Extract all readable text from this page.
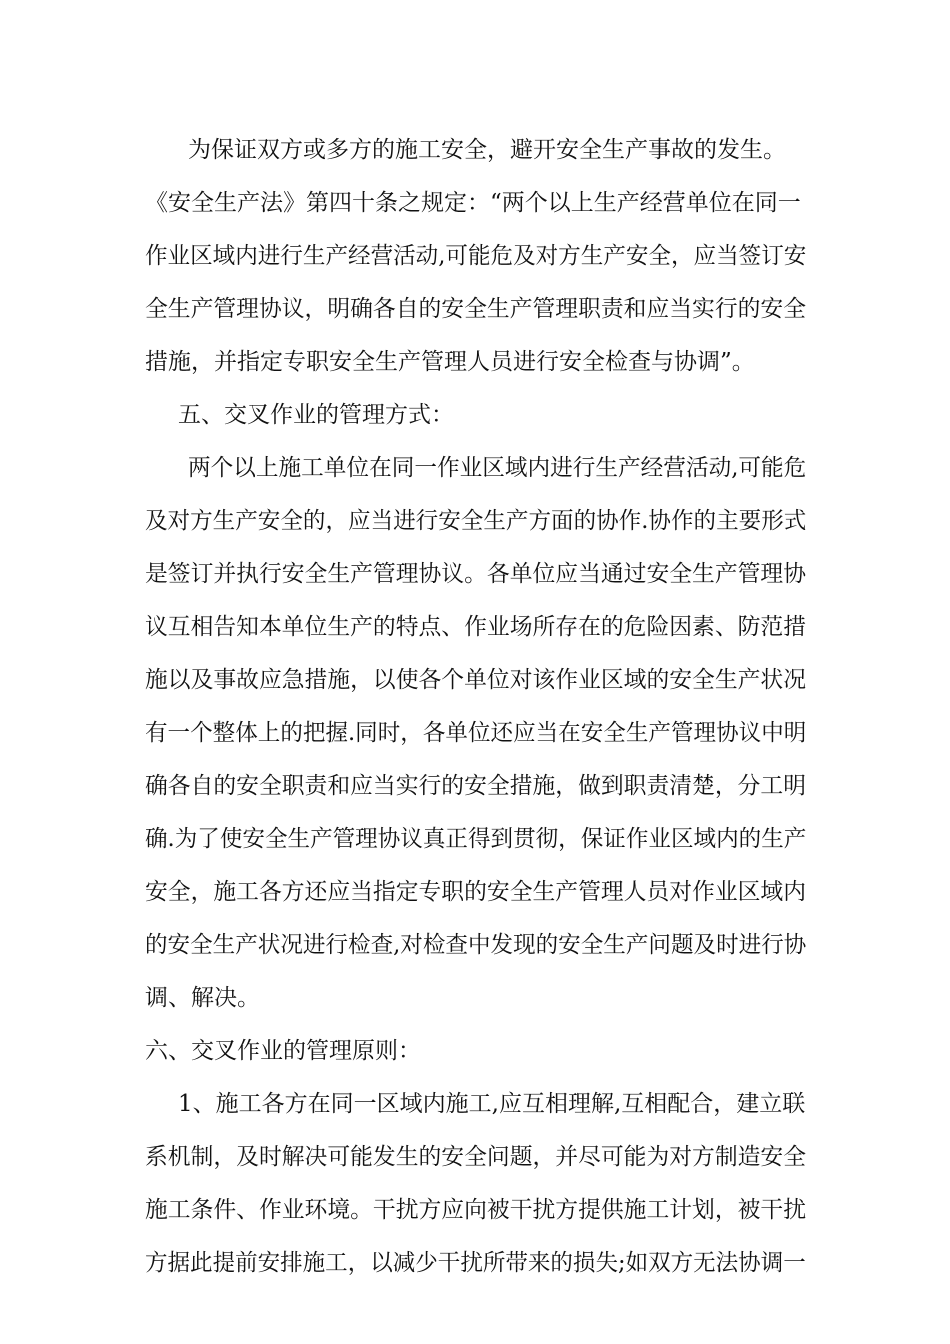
为保证双方或多方的施工安全，避开安全生产事故的发生。
《安全生产法》第四十条之规定：“两个以上生产经营单位在同一
作业区域内进行生产经营活动,可能危及对方生产安全，应当签订安
全生产管理协议，明确各自的安全生产管理职责和应当实行的安全
措施，并指定专职安全生产管理人员进行安全检查与协调”。
五、交叉作业的管理方式：
两个以上施工单位在同一作业区域内进行生产经营活动,可能危
及对方生产安全的，应当进行安全生产方面的协作.协作的主要形式
是签订并执行安全生产管理协议。各单位应当通过安全生产管理协
议互相告知本单位生产的特点、作业场所存在的危险因素、防范措
施以及事故应急措施，以使各个单位对该作业区域的安全生产状况
有一个整体上的把握.同时，各单位还应当在安全生产管理协议中明
确各自的安全职责和应当实行的安全措施，做到职责清楚，分工明
确.为了使安全生产管理协议真正得到贯彻，保证作业区域内的生产
安全，施工各方还应当指定专职的安全生产管理人员对作业区域内
的安全生产状况进行检查,对检查中发现的安全生产问题及时进行协
调、解决。
六、交叉作业的管理原则：
1、施工各方在同一区域内施工,应互相理解,互相配合，建立联
系机制，及时解决可能发生的安全问题，并尽可能为对方制造安全
施工条件、作业环境。干扰方应向被干扰方提供施工计划，被干扰
方据此提前安排施工，以减少干扰所带来的损失;如双方无法协调一
